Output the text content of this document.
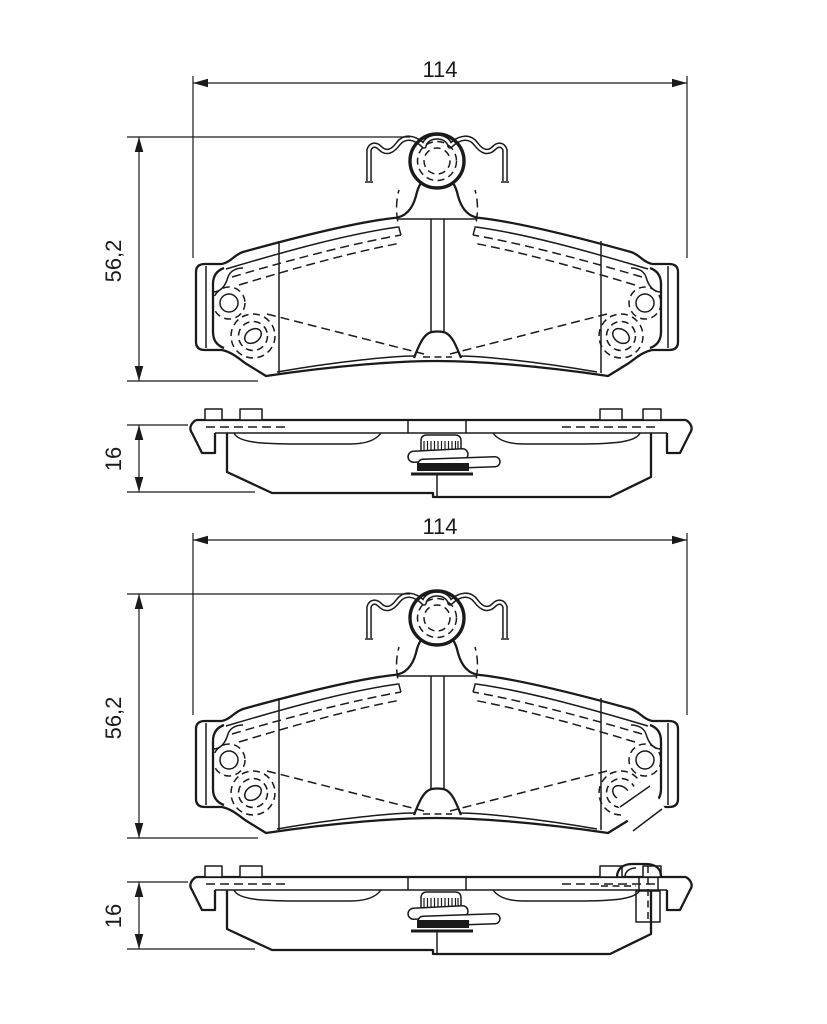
114
56,2
16
114
56,2
16
